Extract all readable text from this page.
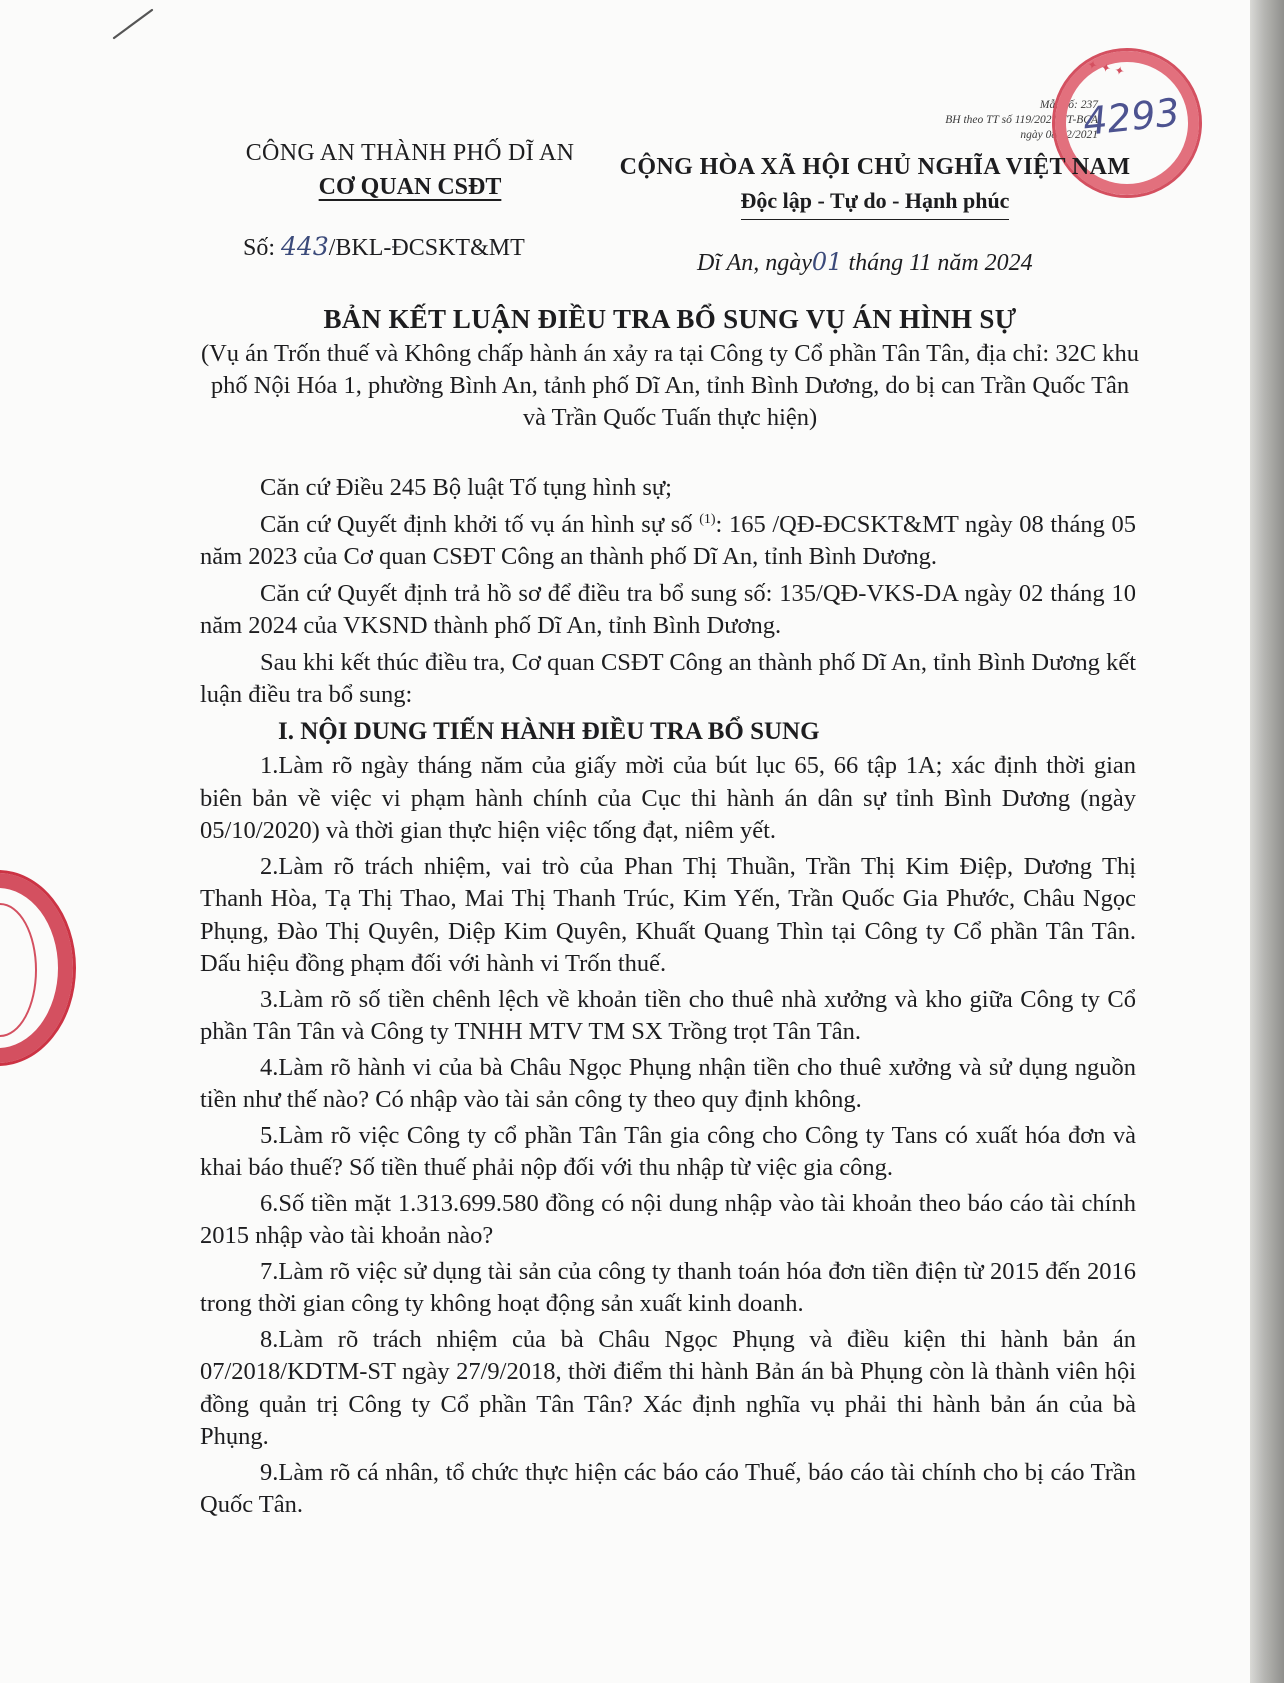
CÔNG AN THÀNH PHỐ DĨ AN
CƠ QUAN CSĐT
Mẫu số: 237
BH theo TT số 119/2021/TT-BCA
ngày 08/12/2021
✦ ✦ ✦
4293
CỘNG HÒA XÃ HỘI CHỦ NGHĨA VIỆT NAM
Độc lập - Tự do - Hạnh phúc
Số: 443/BKL-ĐCSKT&MT
Dĩ An, ngày01 tháng 11 năm 2024
BẢN KẾT LUẬN ĐIỀU TRA BỔ SUNG VỤ ÁN HÌNH SỰ
(Vụ án Trốn thuế và Không chấp hành án xảy ra tại Công ty Cổ phần Tân Tân, địa chỉ: 32C khu phố Nội Hóa 1, phường Bình An, tảnh phố Dĩ An, tỉnh Bình Dương, do bị can Trần Quốc Tân và Trần Quốc Tuấn thực hiện)

Căn cứ Điều 245 Bộ luật Tố tụng hình sự;

Căn cứ Quyết định khởi tố vụ án hình sự số $^{(1)}$: 165 /QĐ-ĐCSKT&MT ngày 08 tháng 05 năm 2023 của Cơ quan CSĐT Công an thành phố Dĩ An, tỉnh Bình Dương.

Căn cứ Quyết định trả hồ sơ để điều tra bổ sung số: 135/QĐ-VKS-DA ngày 02 tháng 10 năm 2024 của VKSND thành phố Dĩ An, tỉnh Bình Dương.

Sau khi kết thúc điều tra, Cơ quan CSĐT Công an thành phố Dĩ An, tỉnh Bình Dương kết luận điều tra bổ sung:

I. NỘI DUNG TIẾN HÀNH ĐIỀU TRA BỔ SUNG

1.Làm rõ ngày tháng năm của giấy mời của bút lục 65, 66 tập 1A; xác định thời gian biên bản về việc vi phạm hành chính của Cục thi hành án dân sự tỉnh Bình Dương (ngày 05/10/2020) và thời gian thực hiện việc tống đạt, niêm yết.

2.Làm rõ trách nhiệm, vai trò của Phan Thị Thuần, Trần Thị Kim Điệp, Dương Thị Thanh Hòa, Tạ Thị Thao, Mai Thị Thanh Trúc, Kim Yến, Trần Quốc Gia Phước, Châu Ngọc Phụng, Đào Thị Quyên, Diệp Kim Quyên, Khuất Quang Thìn tại Công ty Cổ phần Tân Tân. Dấu hiệu đồng phạm đối với hành vi Trốn thuế.

3.Làm rõ số tiền chênh lệch về khoản tiền cho thuê nhà xưởng và kho giữa Công ty Cổ phần Tân Tân và Công ty TNHH MTV TM SX Trồng trọt Tân Tân.

4.Làm rõ hành vi của bà Châu Ngọc Phụng nhận tiền cho thuê xưởng và sử dụng nguồn tiền như thế nào? Có nhập vào tài sản công ty theo quy định không.

5.Làm rõ việc Công ty cổ phần Tân Tân gia công cho Công ty Tans có xuất hóa đơn và khai báo thuế? Số tiền thuế phải nộp đối với thu nhập từ việc gia công.

6.Số tiền mặt 1.313.699.580 đồng có nội dung nhập vào tài khoản theo báo cáo tài chính 2015 nhập vào tài khoản nào?

7.Làm rõ việc sử dụng tài sản của công ty thanh toán hóa đơn tiền điện từ 2015 đến 2016 trong thời gian công ty không hoạt động sản xuất kinh doanh.

8.Làm rõ trách nhiệm của bà Châu Ngọc Phụng và điều kiện thi hành bản án 07/2018/KDTM-ST ngày 27/9/2018, thời điểm thi hành Bản án bà Phụng còn là thành viên hội đồng quản trị Công ty Cổ phần Tân Tân? Xác định nghĩa vụ phải thi hành bản án của bà Phụng.

9.Làm rõ cá nhân, tổ chức thực hiện các báo cáo Thuế, báo cáo tài chính cho bị cáo Trần Quốc Tân.
